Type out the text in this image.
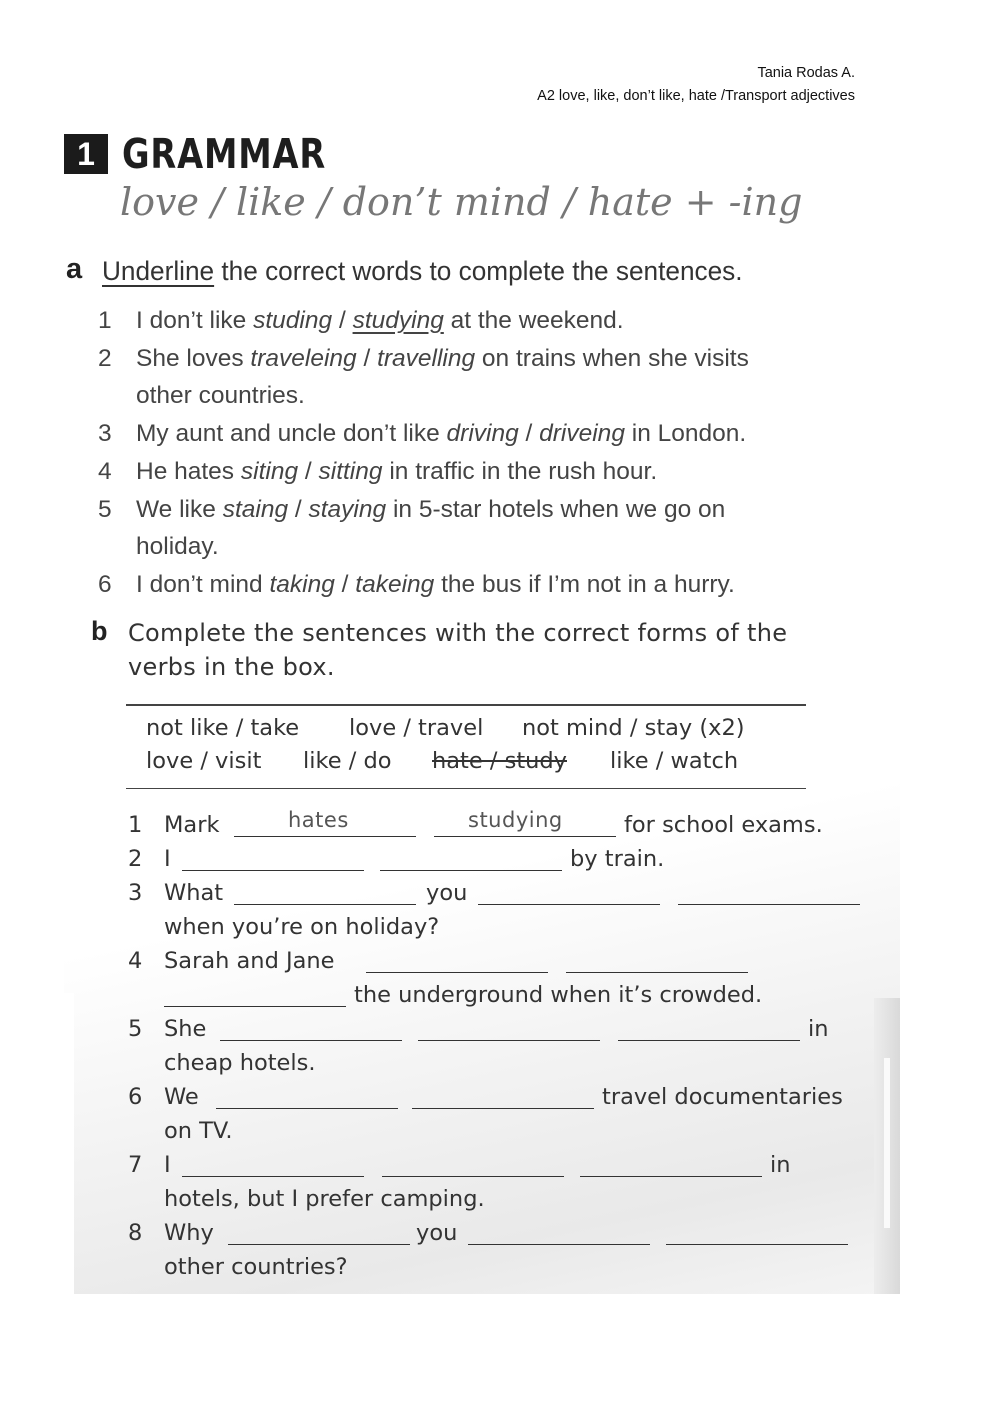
Tania Rodas A.
A2 love, like, don’t like, hate /Transport adjectives
1 GRAMMAR
love / like / don’t mind / hate + -ing
a Underline the correct words to complete the sentences.
1 I don’t like studing / studying at the weekend.
2 She loves traveleing / travelling on trains when she visits
other countries.
3 My aunt and uncle don’t like driving / driveing in London.
4 He hates siting / sitting in traffic in the rush hour.
5 We like staing / staying in 5-star hotels when we go on
holiday.
6 I don’t mind taking / takeing the bus if I’m not in a hurry.
b Complete the sentences with the correct forms of the
verbs in the box.
not like / take love / travel not mind / stay (x2)
love / visit like / do hate / study like / watch
1 Mark	hates	studying	for school exams.
2 I	by train.
3 What	you
when you’re on holiday?
4 Sarah and Jane
the underground when it’s crowded.
5 She	in
cheap hotels.
6 We	travel documentaries
on TV.
7 I	in
hotels, but I prefer camping.
8 Why	you
other countries?
